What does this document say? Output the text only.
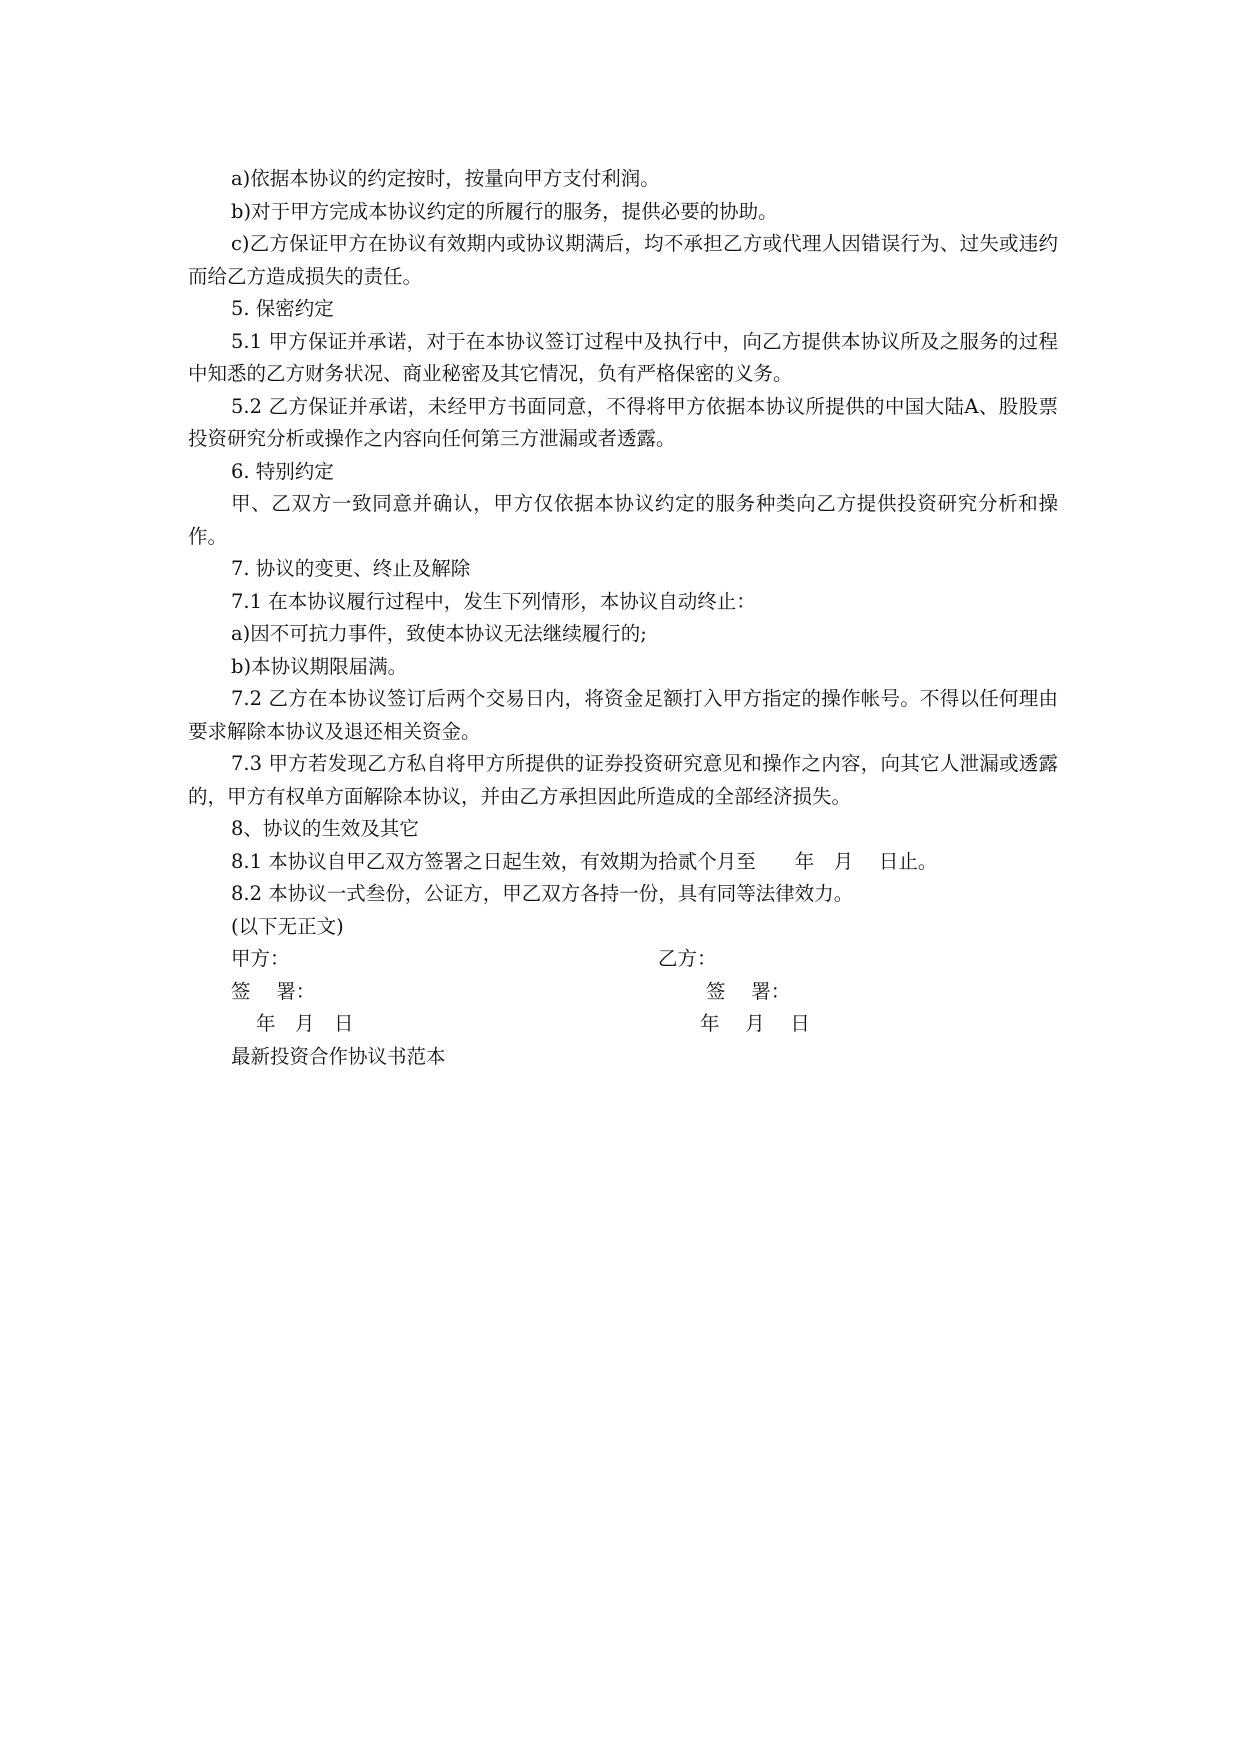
a)依据本协议的约定按时，按量向甲方支付利润。

b)对于甲方完成本协议约定的所履行的服务，提供必要的协助。

c)乙方保证甲方在协议有效期内或协议期满后，均不承担乙方或代理人因错误行为、过失或违约而给乙方造成损失的责任。

5. 保密约定

5.1 甲方保证并承诺，对于在本协议签订过程中及执行中，向乙方提供本协议所及之服务的过程中知悉的乙方财务状况、商业秘密及其它情况，负有严格保密的义务。

5.2 乙方保证并承诺，未经甲方书面同意，不得将甲方依据本协议所提供的中国大陆A、股股票投资研究分析或操作之内容向任何第三方泄漏或者透露。

6. 特别约定

甲、乙双方一致同意并确认，甲方仅依据本协议约定的服务种类向乙方提供投资研究分析和操作。

7. 协议的变更、终止及解除

7.1 在本协议履行过程中，发生下列情形，本协议自动终止：

a)因不可抗力事件，致使本协议无法继续履行的;

b)本协议期限届满。

7.2 乙方在本协议签订后两个交易日内，将资金足额打入甲方指定的操作帐号。不得以任何理由要求解除本协议及退还相关资金。

7.3 甲方若发现乙方私自将甲方所提供的证券投资研究意见和操作之内容，向其它人泄漏或透露的，甲方有权单方面解除本协议，并由乙方承担因此所造成的全部经济损失。

8、协议的生效及其它

8.1 本协议自甲乙双方签署之日起生效，有效期为拾贰个月至　　年　月　 日止。

8.2 本协议一式叁份，公证方，甲乙双方各持一份，具有同等法律效力。

(以下无正文)

甲方：	乙方：
签　 署：	签　 署：
年　月　日	年　 月　 日

最新投资合作协议书范本
